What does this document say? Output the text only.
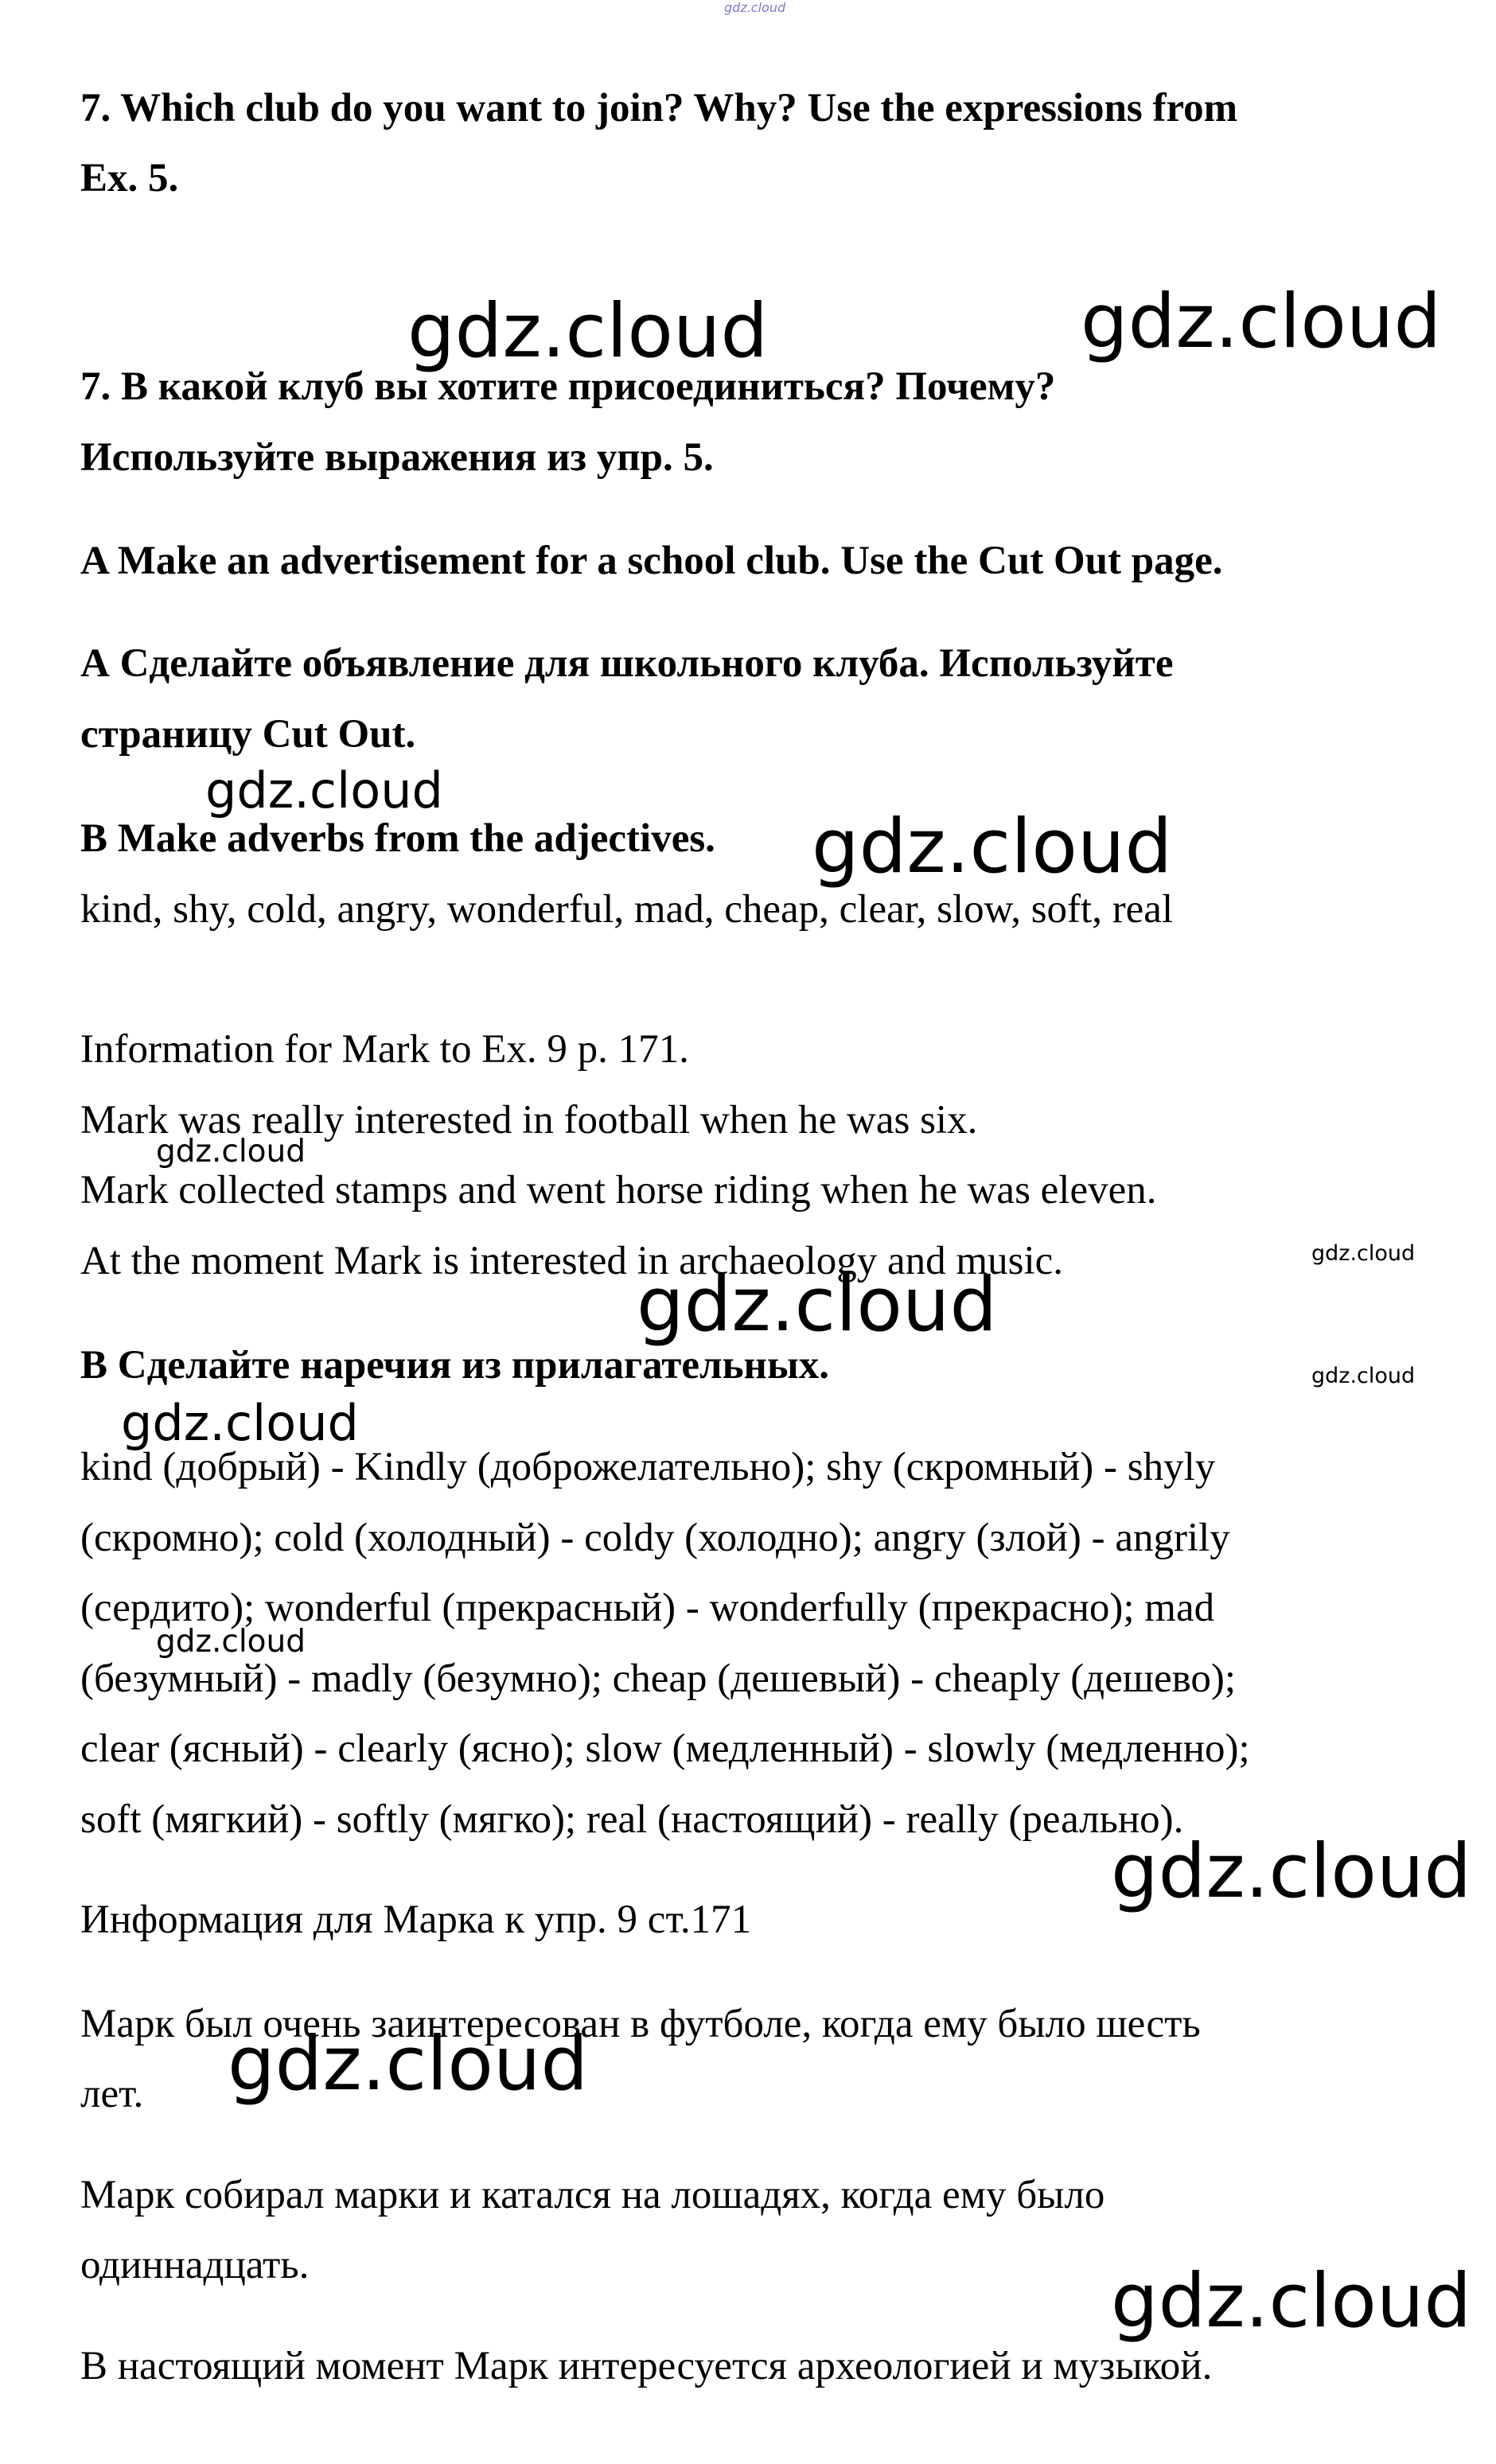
gdz.cloud

7. Which club do you want to join? Why? Use the expressions from

Ex. 5.

7. В какой клуб вы хотите присоединиться? Почему?

Используйте выражения из упр. 5.

A Make an advertisement for a school club. Use the Cut Out page.

А Сделайте объявление для школьного клуба. Используйте

страницу Cut Out.

B Make adverbs from the adjectives.

kind, shy, cold, angry, wonderful, mad, cheap, clear, slow, soft, real

Information for Mark to Ex. 9 p. 171.

Mark was really interested in football when he was six.

Mark collected stamps and went horse riding when he was eleven.

At the moment Mark is interested in archaeology and music.

В Сделайте наречия из прилагательных.

kind (добрый) - Kindly (доброжелательно); shy (скромный) - shyly

(скромно); cold (холодный) - coldy (холодно); angry (злой) - angrily

(сердито); wonderful (прекрасный) - wonderfully (прекрасно); mad

(безумный) - madly (безумно); cheap (дешевый) - cheaply (дешево);

clear (ясный) - clearly (ясно); slow (медленный) - slowly (медленно);

soft (мягкий) - softly (мягко); real (настоящий) - really (реально).

Информация для Марка к упр. 9 ст.171

Марк был очень заинтересован в футболе, когда ему было шесть

лет.

Марк собирал марки и катался на лошадях, когда ему было

одиннадцать.

В настоящий момент Марк интересуется археологией и музыкой.

gdz.cloud	gdz.cloud
gdz.cloud
gdz.cloud
gdz.cloud
gdz.cloud
gdz.cloud
gdz.cloud
gdz.cloud
gdz.cloud
gdz.cloud
gdz.cloud
gdz.cloud
